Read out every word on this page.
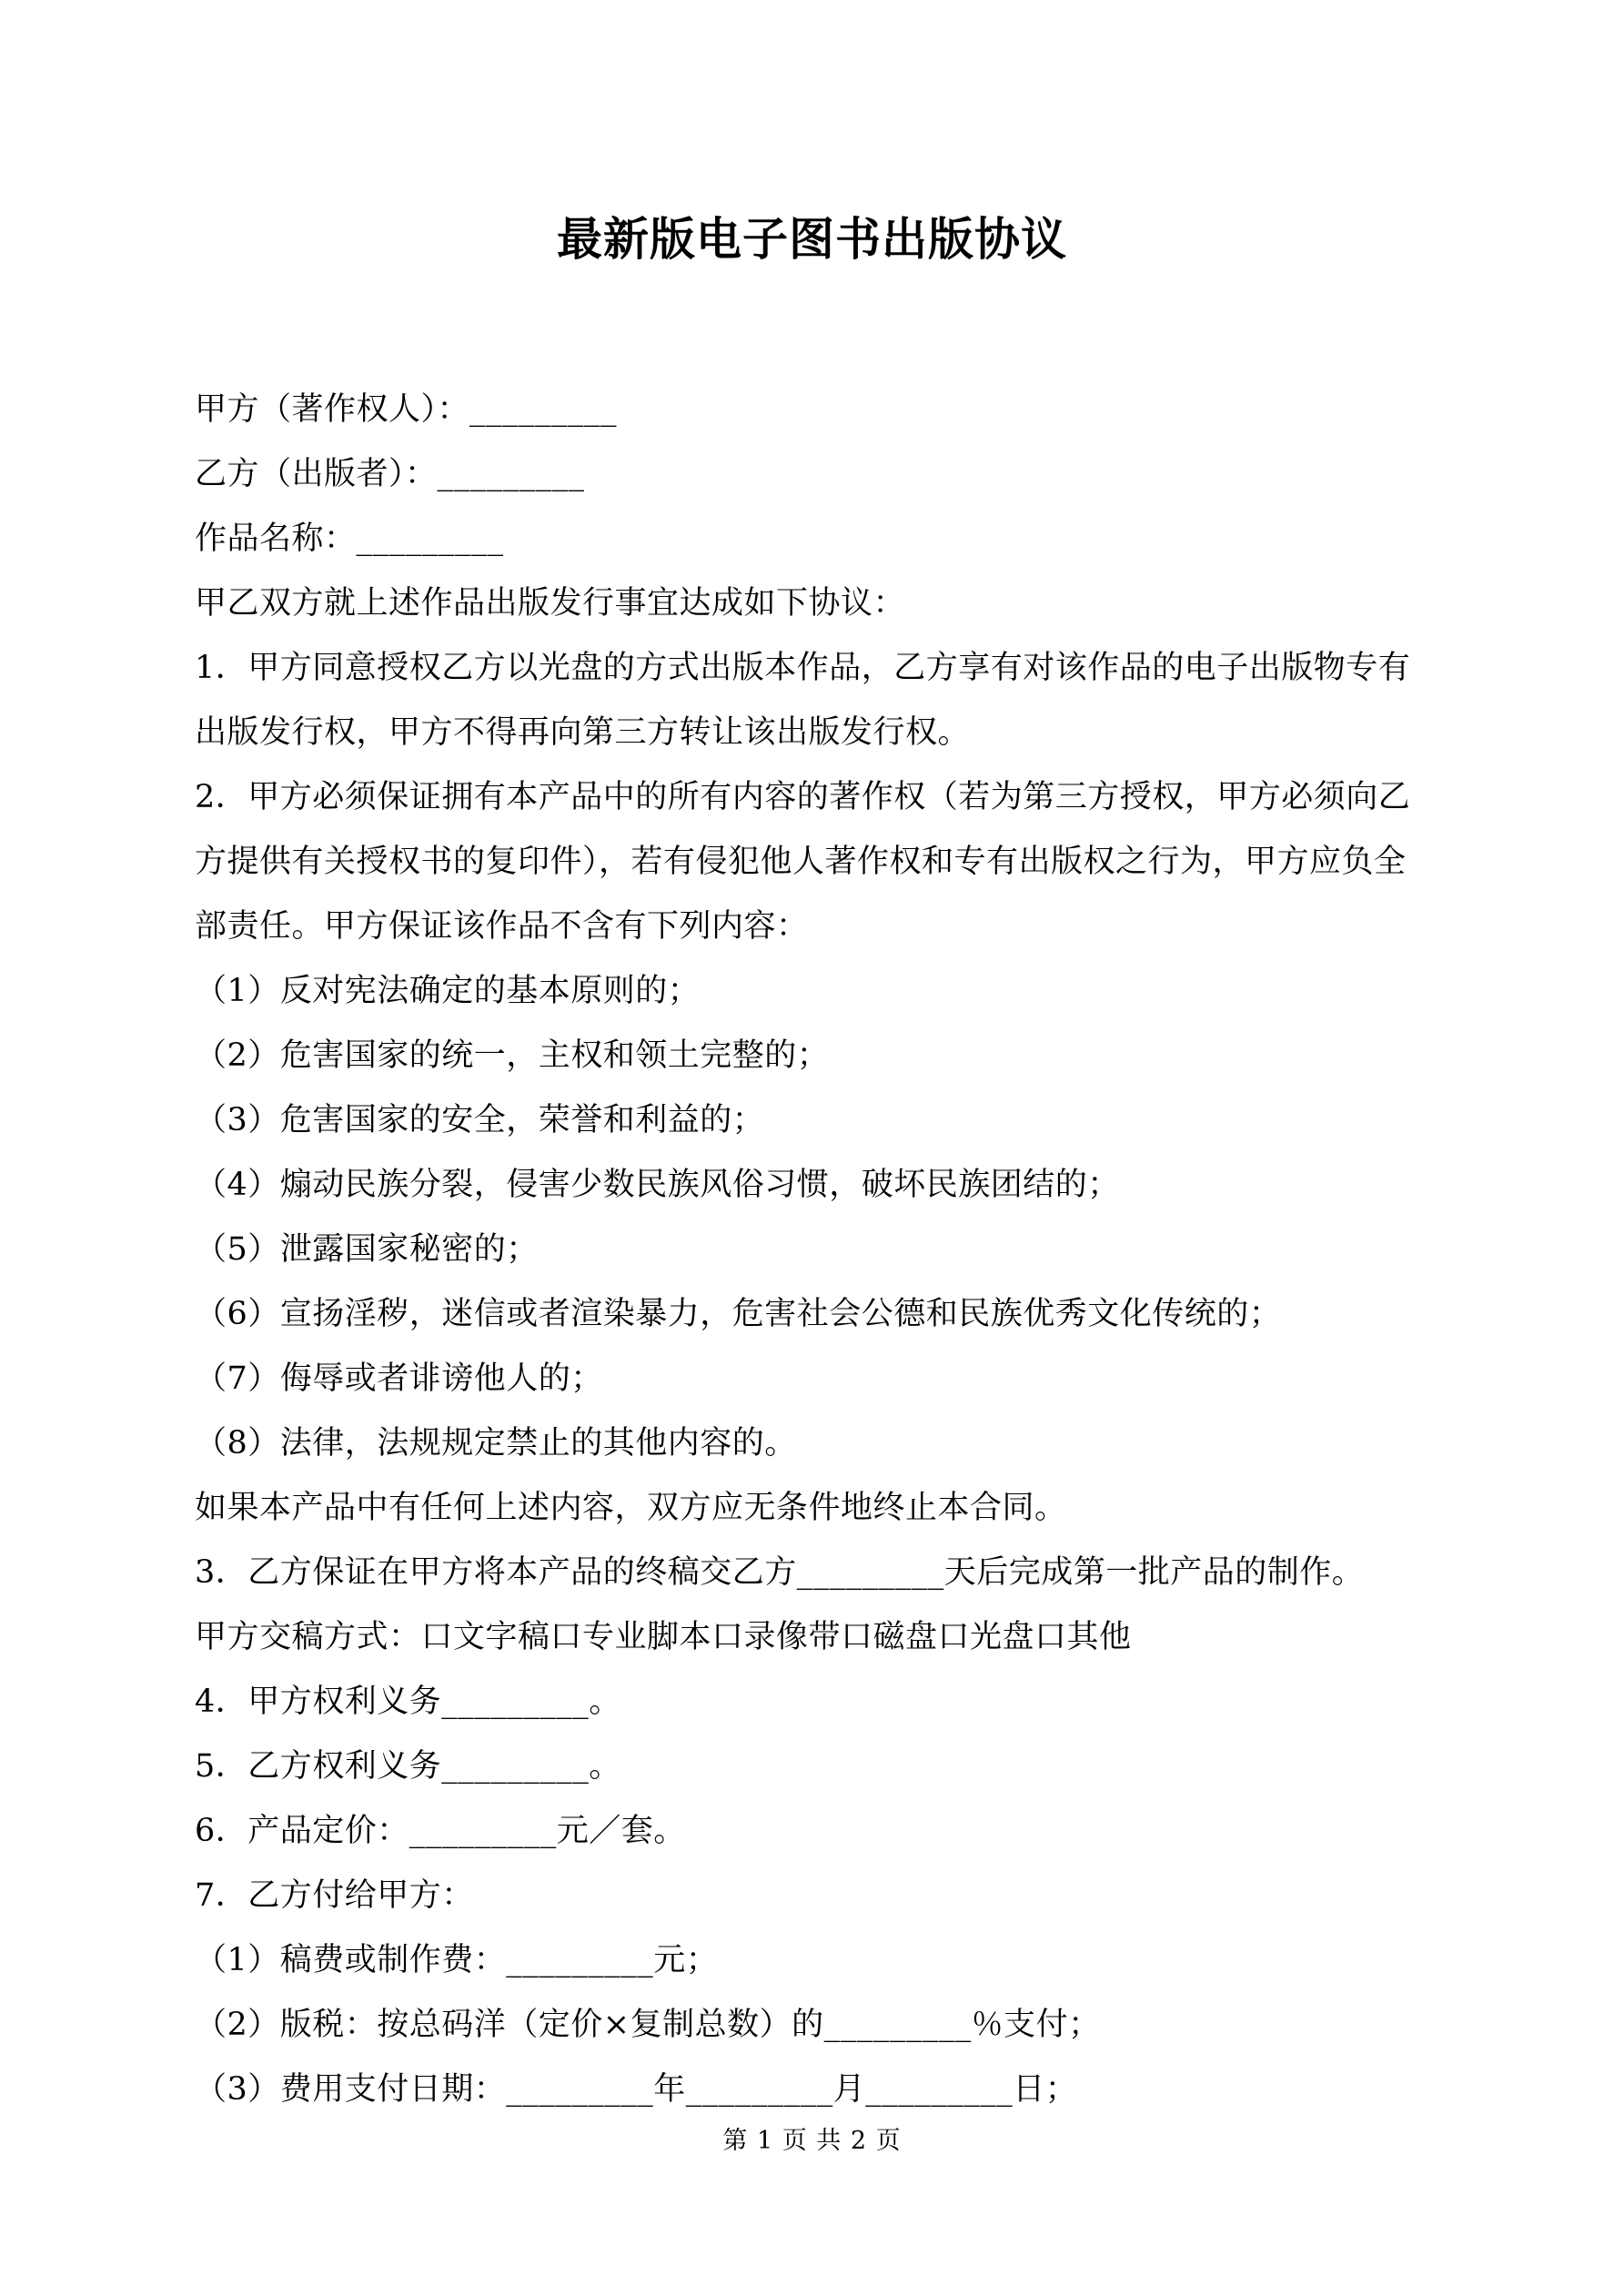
最新版电子图书出版协议
甲方（著作权人）：_________
乙方（出版者）：_________
作品名称：_________
甲乙双方就上述作品出版发行事宜达成如下协议：
1．甲方同意授权乙方以光盘的方式出版本作品，乙方享有对该作品的电子出版物专有
出版发行权，甲方不得再向第三方转让该出版发行权。
2．甲方必须保证拥有本产品中的所有内容的著作权（若为第三方授权，甲方必须向乙
方提供有关授权书的复印件），若有侵犯他人著作权和专有出版权之行为，甲方应负全
部责任。甲方保证该作品不含有下列内容：
（1）反对宪法确定的基本原则的；
（2）危害国家的统一，主权和领土完整的；
（3）危害国家的安全，荣誉和利益的；
（4）煽动民族分裂，侵害少数民族风俗习惯，破坏民族团结的；
（5）泄露国家秘密的；
（6）宣扬淫秽，迷信或者渲染暴力，危害社会公德和民族优秀文化传统的；
（7）侮辱或者诽谤他人的；
（8）法律，法规规定禁止的其他内容的。
如果本产品中有任何上述内容，双方应无条件地终止本合同。
3．乙方保证在甲方将本产品的终稿交乙方_________天后完成第一批产品的制作。
甲方交稿方式：口文字稿口专业脚本口录像带口磁盘口光盘口其他
4．甲方权利义务_________。
5．乙方权利义务_________。
6．产品定价：_________元／套。
7．乙方付给甲方：
（1）稿费或制作费：_________元；
（2）版税：按总码洋（定价×复制总数）的_________％支付；
（3）费用支付日期：_________年_________月_________日；
第 1 页 共 2 页
